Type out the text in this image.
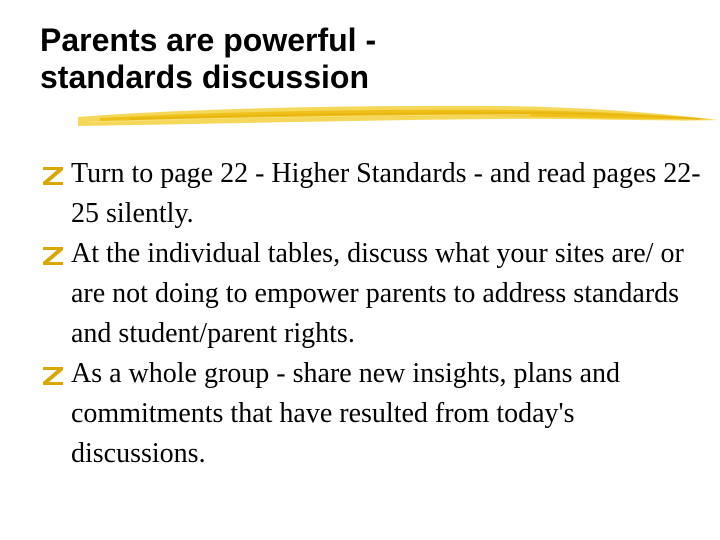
Parents are powerful -
standards discussion
Turn to page 22 - Higher Standards - and read pages 22-25 silently.
At the individual tables, discuss what your sites are/ or are not doing to empower parents to address standards and student/parent rights.
As a whole group - share new insights, plans and commitments that have resulted from today's discussions.
